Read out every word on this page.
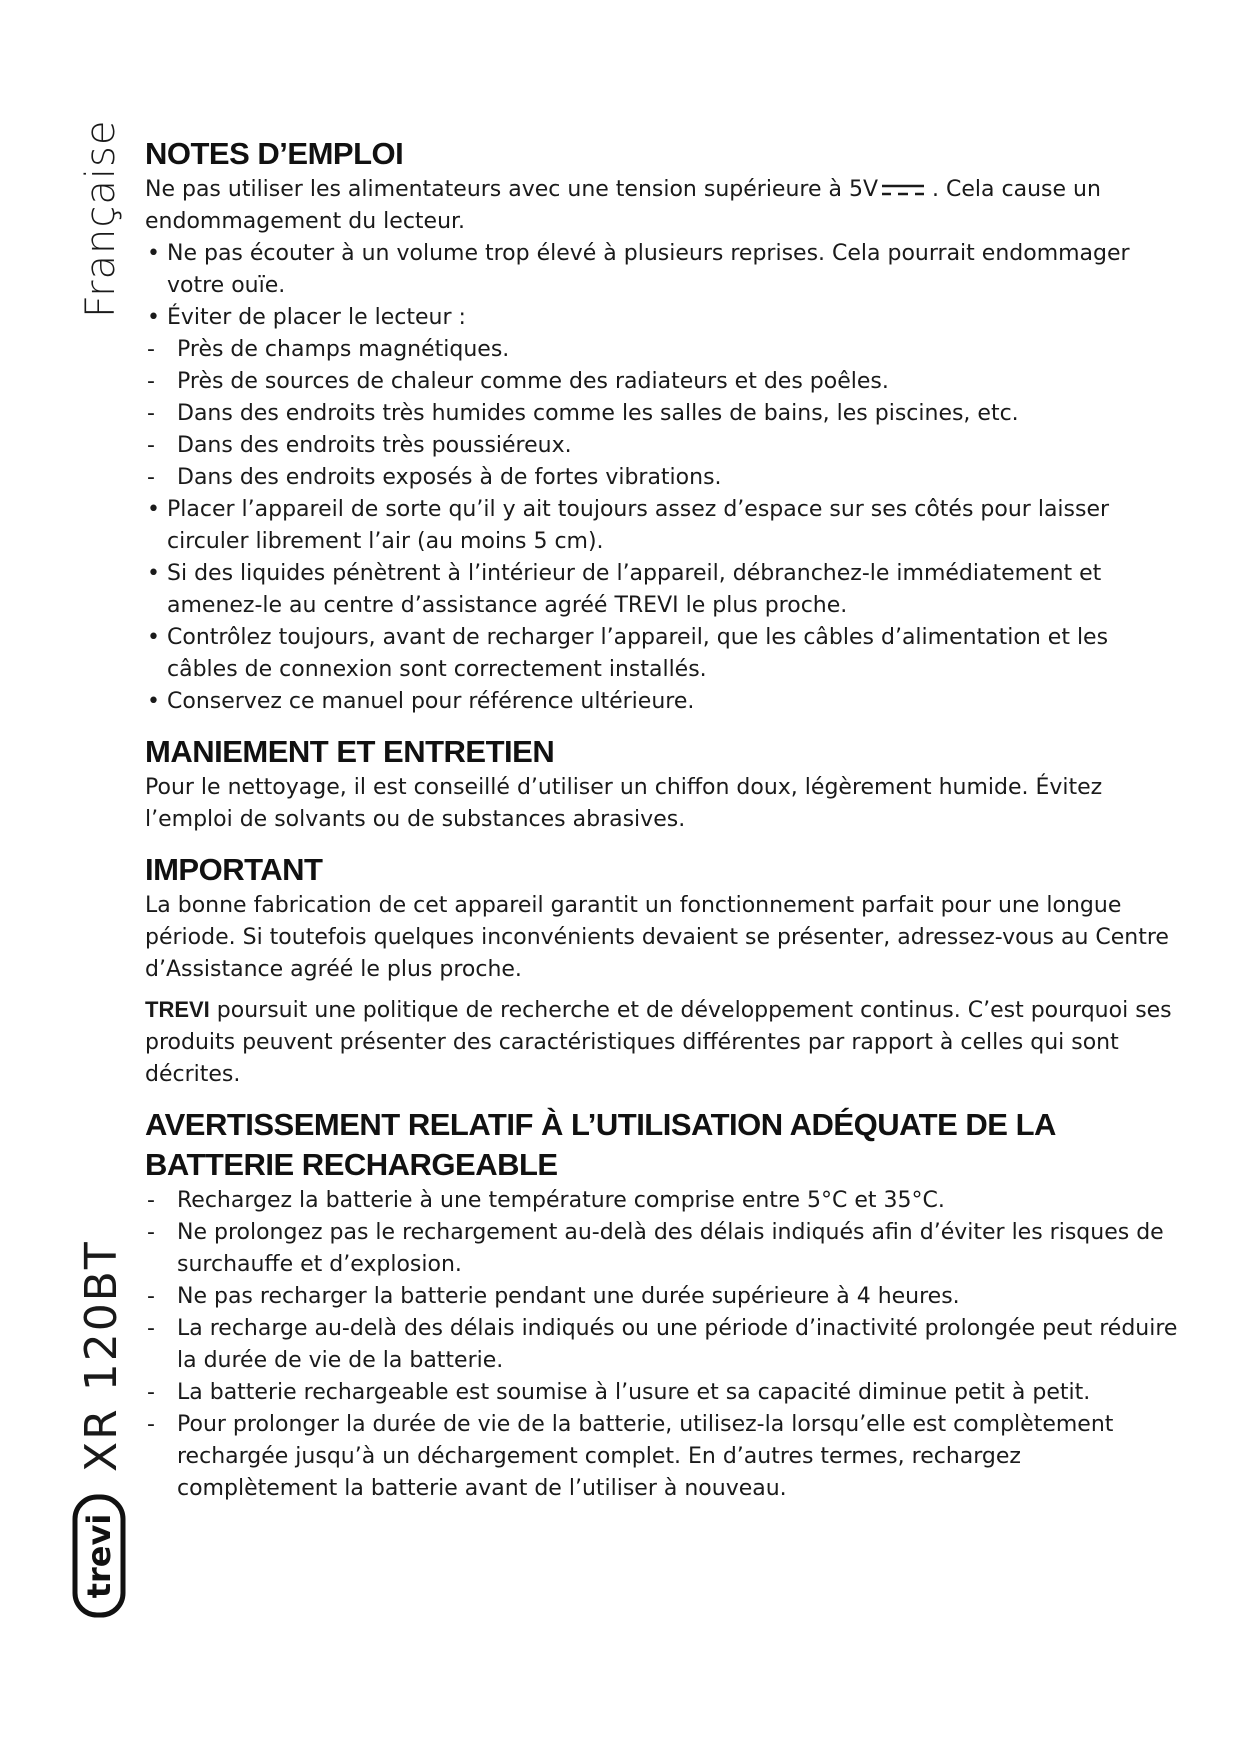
Française
XR 120BT
trevi
NOTES D’EMPLOI

Ne pas utiliser les alimentateurs avec une tension supérieure à 5V . Cela cause un endommagement du lecteur.

• Ne pas écouter à un volume trop élevé à plusieurs reprises. Cela pourrait endommager votre ouïe.
• Éviter de placer le lecteur :
- Près de champs magnétiques.
- Près de sources de chaleur comme des radiateurs et des poêles.
- Dans des endroits très humides comme les salles de bains, les piscines, etc.
- Dans des endroits très poussiéreux.
- Dans des endroits exposés à de fortes vibrations.
• Placer l’appareil de sorte qu’il y ait toujours assez d’espace sur ses côtés pour laisser circuler librement l’air (au moins 5 cm).
• Si des liquides pénètrent à l’intérieur de l’appareil, débranchez-le immédiatement et amenez-le au centre d’assistance agréé TREVI le plus proche.
• Contrôlez toujours, avant de recharger l’appareil, que les câbles d’alimentation et les câbles de connexion sont correctement installés.
• Conservez ce manuel pour référence ultérieure.
MANIEMENT ET ENTRETIEN

Pour le nettoyage, il est conseillé d’utiliser un chiffon doux, légèrement humide. Évitez l’emploi de solvants ou de substances abrasives.

IMPORTANT

La bonne fabrication de cet appareil garantit un fonctionnement parfait pour une longue période. Si toutefois quelques inconvénients devaient se présenter, adressez-vous au Centre d’Assistance agréé le plus proche.

TREVI poursuit une politique de recherche et de développement continus. C’est pourquoi ses produits peuvent présenter des caractéristiques différentes par rapport à celles qui sont décrites.

AVERTISSEMENT RELATIF À L’UTILISATION ADÉQUATE DE LA
BATTERIE RECHARGEABLE
- Rechargez la batterie à une température comprise entre 5°C et 35°C.
- Ne prolongez pas le rechargement au-delà des délais indiqués afin d’éviter les risques de surchauffe et d’explosion.
- Ne pas recharger la batterie pendant une durée supérieure à 4 heures.
- La recharge au-delà des délais indiqués ou une période d’inactivité prolongée peut réduire la durée de vie de la batterie.
- La batterie rechargeable est soumise à l’usure et sa capacité diminue petit à petit.
- Pour prolonger la durée de vie de la batterie, utilisez-la lorsqu’elle est complètement rechargée jusqu’à un déchargement complet. En d’autres termes, rechargez complètement la batterie avant de l’utiliser à nouveau.
